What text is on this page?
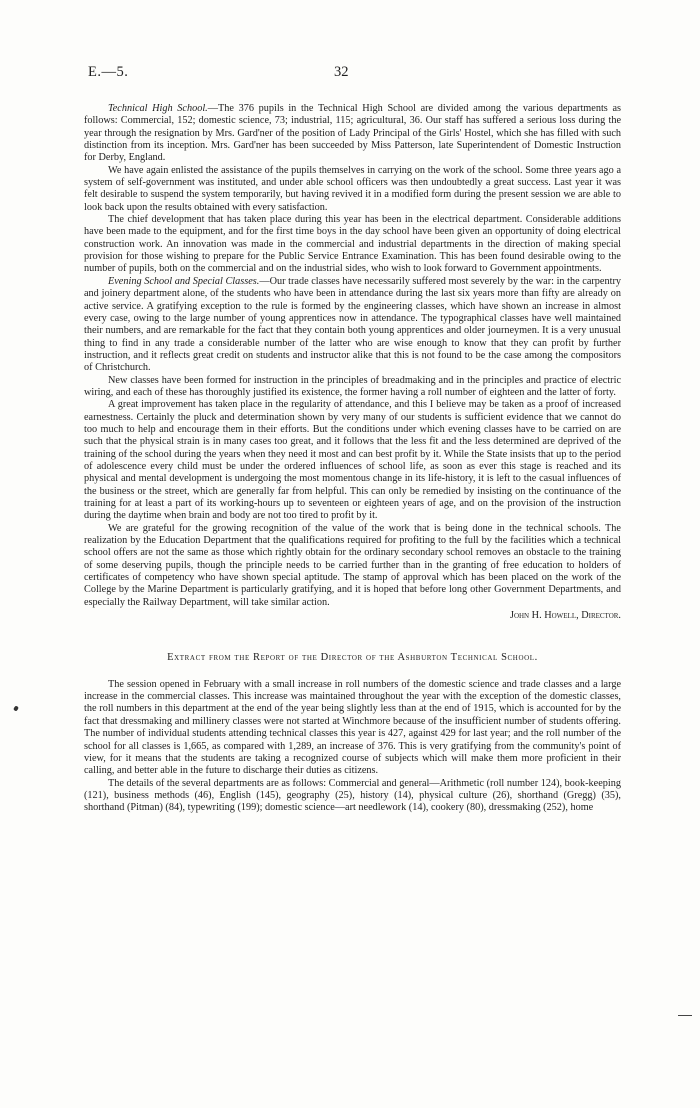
E.—5.	32

Technical High School.—The 376 pupils in the Technical High School are divided among the various departments as follows: Commercial, 152; domestic science, 73; industrial, 115; agricultural, 36. Our staff has suffered a serious loss during the year through the resignation by Mrs. Gard'ner of the position of Lady Principal of the Girls' Hostel, which she has filled with such distinction from its inception. Mrs. Gard'ner has been succeeded by Miss Patterson, late Superintendent of Domestic Instruction for Derby, England.

We have again enlisted the assistance of the pupils themselves in carrying on the work of the school. Some three years ago a system of self-government was instituted, and under able school officers was then undoubtedly a great success. Last year it was felt desirable to suspend the system temporarily, but having revived it in a modified form during the present session we are able to look back upon the results obtained with every satisfaction.

The chief development that has taken place during this year has been in the electrical department. Considerable additions have been made to the equipment, and for the first time boys in the day school have been given an opportunity of doing electrical construction work. An innovation was made in the commercial and industrial departments in the direction of making special provision for those wishing to prepare for the Public Service Entrance Examination. This has been found desirable owing to the number of pupils, both on the commercial and on the industrial sides, who wish to look forward to Government appointments.

Evening School and Special Classes.—Our trade classes have necessarily suffered most severely by the war: in the carpentry and joinery department alone, of the students who have been in attendance during the last six years more than fifty are already on active service. A gratifying exception to the rule is formed by the engineering classes, which have shown an increase in almost every case, owing to the large number of young apprentices now in attendance. The typographical classes have well maintained their numbers, and are remarkable for the fact that they contain both young apprentices and older journeymen. It is a very unusual thing to find in any trade a considerable number of the latter who are wise enough to know that they can profit by further instruction, and it reflects great credit on students and instructor alike that this is not found to be the case among the compositors of Christchurch.

New classes have been formed for instruction in the principles of breadmaking and in the principles and practice of electric wiring, and each of these has thoroughly justified its existence, the former having a roll number of eighteen and the latter of forty.

A great improvement has taken place in the regularity of attendance, and this I believe may be taken as a proof of increased earnestness. Certainly the pluck and determination shown by very many of our students is sufficient evidence that we cannot do too much to help and encourage them in their efforts. But the conditions under which evening classes have to be carried on are such that the physical strain is in many cases too great, and it follows that the less fit and the less determined are deprived of the training of the school during the years when they need it most and can best profit by it. While the State insists that up to the period of adolescence every child must be under the ordered influences of school life, as soon as ever this stage is reached and its physical and mental development is undergoing the most momentous change in its life-history, it is left to the casual influences of the business or the street, which are generally far from helpful. This can only be remedied by insisting on the continuance of the training for at least a part of its working-hours up to seventeen or eighteen years of age, and on the provision of the instruction during the daytime when brain and body are not too tired to profit by it.

We are grateful for the growing recognition of the value of the work that is being done in the technical schools. The realization by the Education Department that the qualifications required for profiting to the full by the facilities which a technical school offers are not the same as those which rightly obtain for the ordinary secondary school removes an obstacle to the training of some deserving pupils, though the principle needs to be carried further than in the granting of free education to holders of certificates of competency who have shown special aptitude. The stamp of approval which has been placed on the work of the College by the Marine Department is particularly gratifying, and it is hoped that before long other Government Departments, and especially the Railway Department, will take similar action.

John H. Howell, Director.
Extract from the Report of the Director of the Ashburton Technical School.

The session opened in February with a small increase in roll numbers of the domestic science and trade classes and a large increase in the commercial classes. This increase was maintained throughout the year with the exception of the domestic classes, the roll numbers in this department at the end of the year being slightly less than at the end of 1915, which is accounted for by the fact that dressmaking and millinery classes were not started at Winchmore because of the insufficient number of students offering. The number of individual students attending technical classes this year is 427, against 429 for last year; and the roll number of the school for all classes is 1,665, as compared with 1,289, an increase of 376. This is very gratifying from the community's point of view, for it means that the students are taking a recognized course of subjects which will make them more proficient in their calling, and better able in the future to discharge their duties as citizens.

The details of the several departments are as follows: Commercial and general—Arithmetic (roll number 124), book-keeping (121), business methods (46), English (145), geography (25), history (14), physical culture (26), shorthand (Gregg) (35), shorthand (Pitman) (84), typewriting (199); domestic science—art needlework (14), cookery (80), dressmaking (252), home
